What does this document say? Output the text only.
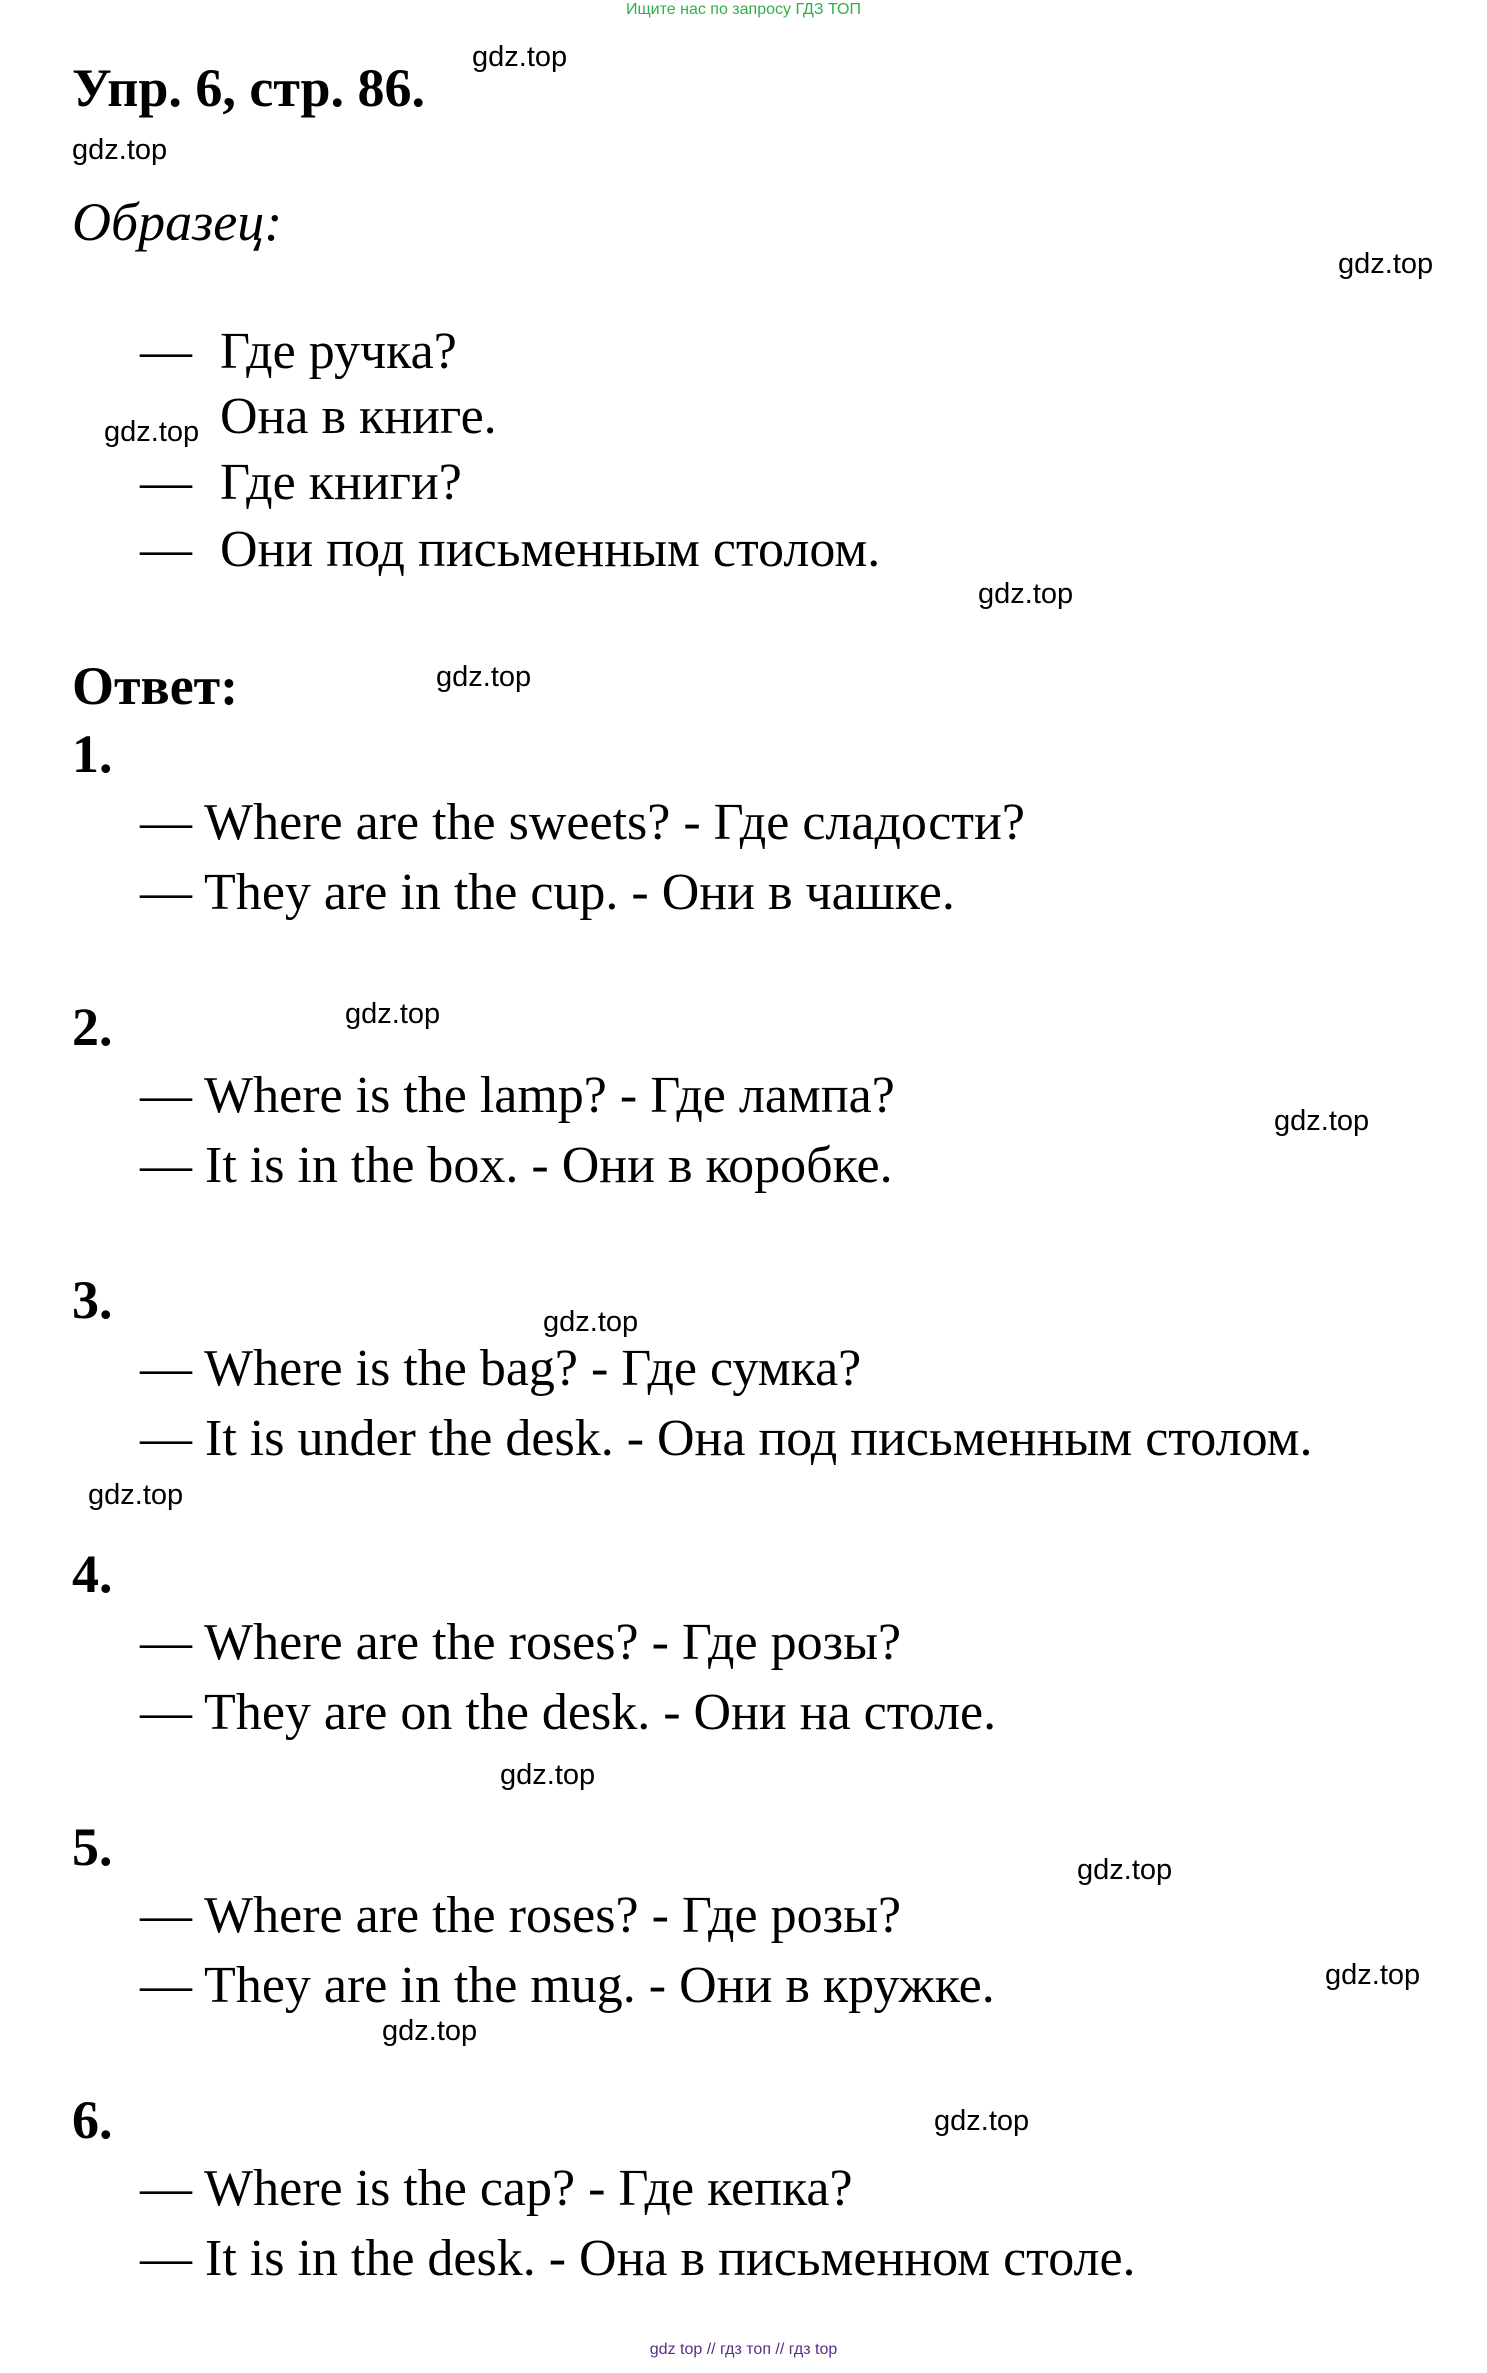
Ищите нас по запросу ГДЗ ТОП
Упр. 6, стр. 86.
Образец:
— Где ручка?
Она в книге.
— Где книги?
— Они под письменным столом.
Ответ:
1.
— Where are the sweets? - Где сладости?
— They are in the cup. - Они в чашке.
2.
— Where is the lamp? - Где лампа?
— It is in the box. - Они в коробке.
3.
— Where is the bag? - Где сумка?
— It is under the desk. - Она под письменным столом.
4.
— Where are the roses? - Где розы?
— They are on the desk. - Они на столе.
5.
— Where are the roses? - Где розы?
— They are in the mug. - Они в кружке.
6.
— Where is the cap? - Где кепка?
— It is in the desk. - Она в письменном столе.
gdz.top
gdz.top
gdz.top
gdz.top
gdz.top
gdz.top
gdz.top
gdz.top
gdz.top
gdz.top
gdz.top
gdz.top
gdz.top
gdz.top
gdz.top
gdz top // гдз топ // гдз top
